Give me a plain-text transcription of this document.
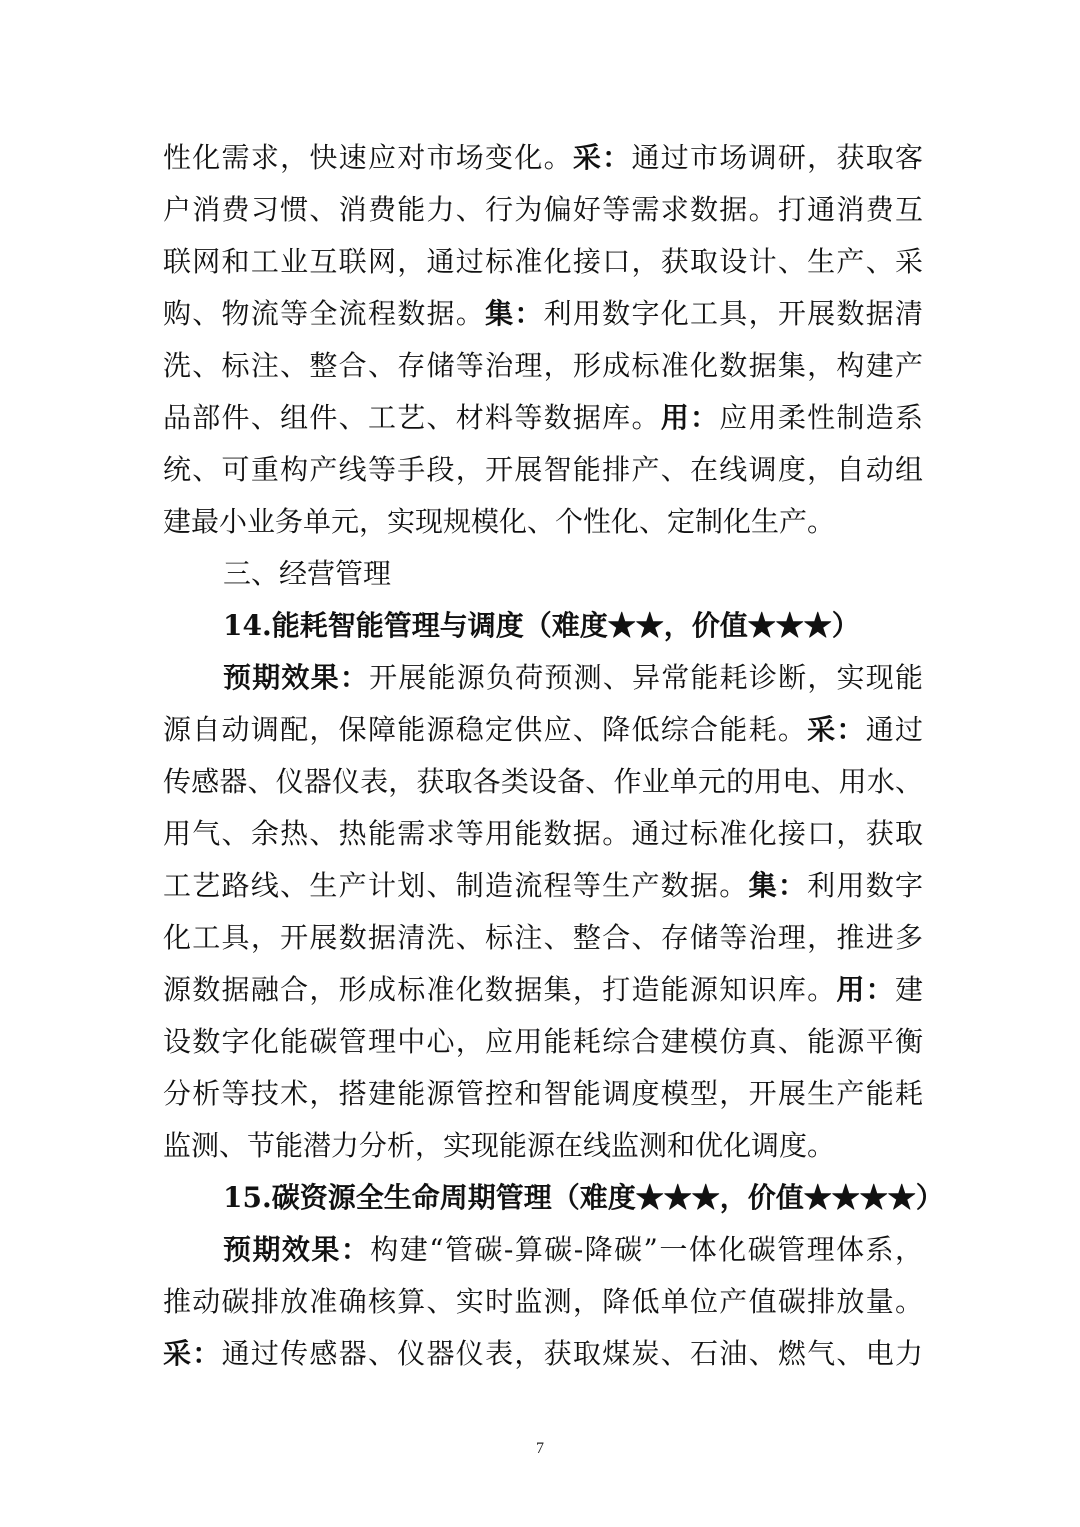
性化需求，快速应对市场变化。采：通过市场调研，获取客
户消费习惯、消费能力、行为偏好等需求数据。打通消费互
联网和工业互联网，通过标准化接口，获取设计、生产、采
购、物流等全流程数据。集：利用数字化工具，开展数据清
洗、标注、整合、存储等治理，形成标准化数据集，构建产
品部件、组件、工艺、材料等数据库。用：应用柔性制造系
统、可重构产线等手段，开展智能排产、在线调度，自动组
建最小业务单元，实现规模化、个性化、定制化生产。
三、经营管理
14.能耗智能管理与调度（难度★★，价值★★★）
预期效果：开展能源负荷预测、异常能耗诊断，实现能
源自动调配，保障能源稳定供应、降低综合能耗。采：通过
传感器、仪器仪表，获取各类设备、作业单元的用电、用水、
用气、余热、热能需求等用能数据。通过标准化接口，获取
工艺路线、生产计划、制造流程等生产数据。集：利用数字
化工具，开展数据清洗、标注、整合、存储等治理，推进多
源数据融合，形成标准化数据集，打造能源知识库。用：建
设数字化能碳管理中心，应用能耗综合建模仿真、能源平衡
分析等技术，搭建能源管控和智能调度模型，开展生产能耗
监测、节能潜力分析，实现能源在线监测和优化调度。
15.碳资源全生命周期管理（难度★★★，价值★★★★）
预期效果：构建“管碳-算碳-降碳”一体化碳管理体系，
推动碳排放准确核算、实时监测，降低单位产值碳排放量。
采：通过传感器、仪器仪表，获取煤炭、石油、燃气、电力
7
